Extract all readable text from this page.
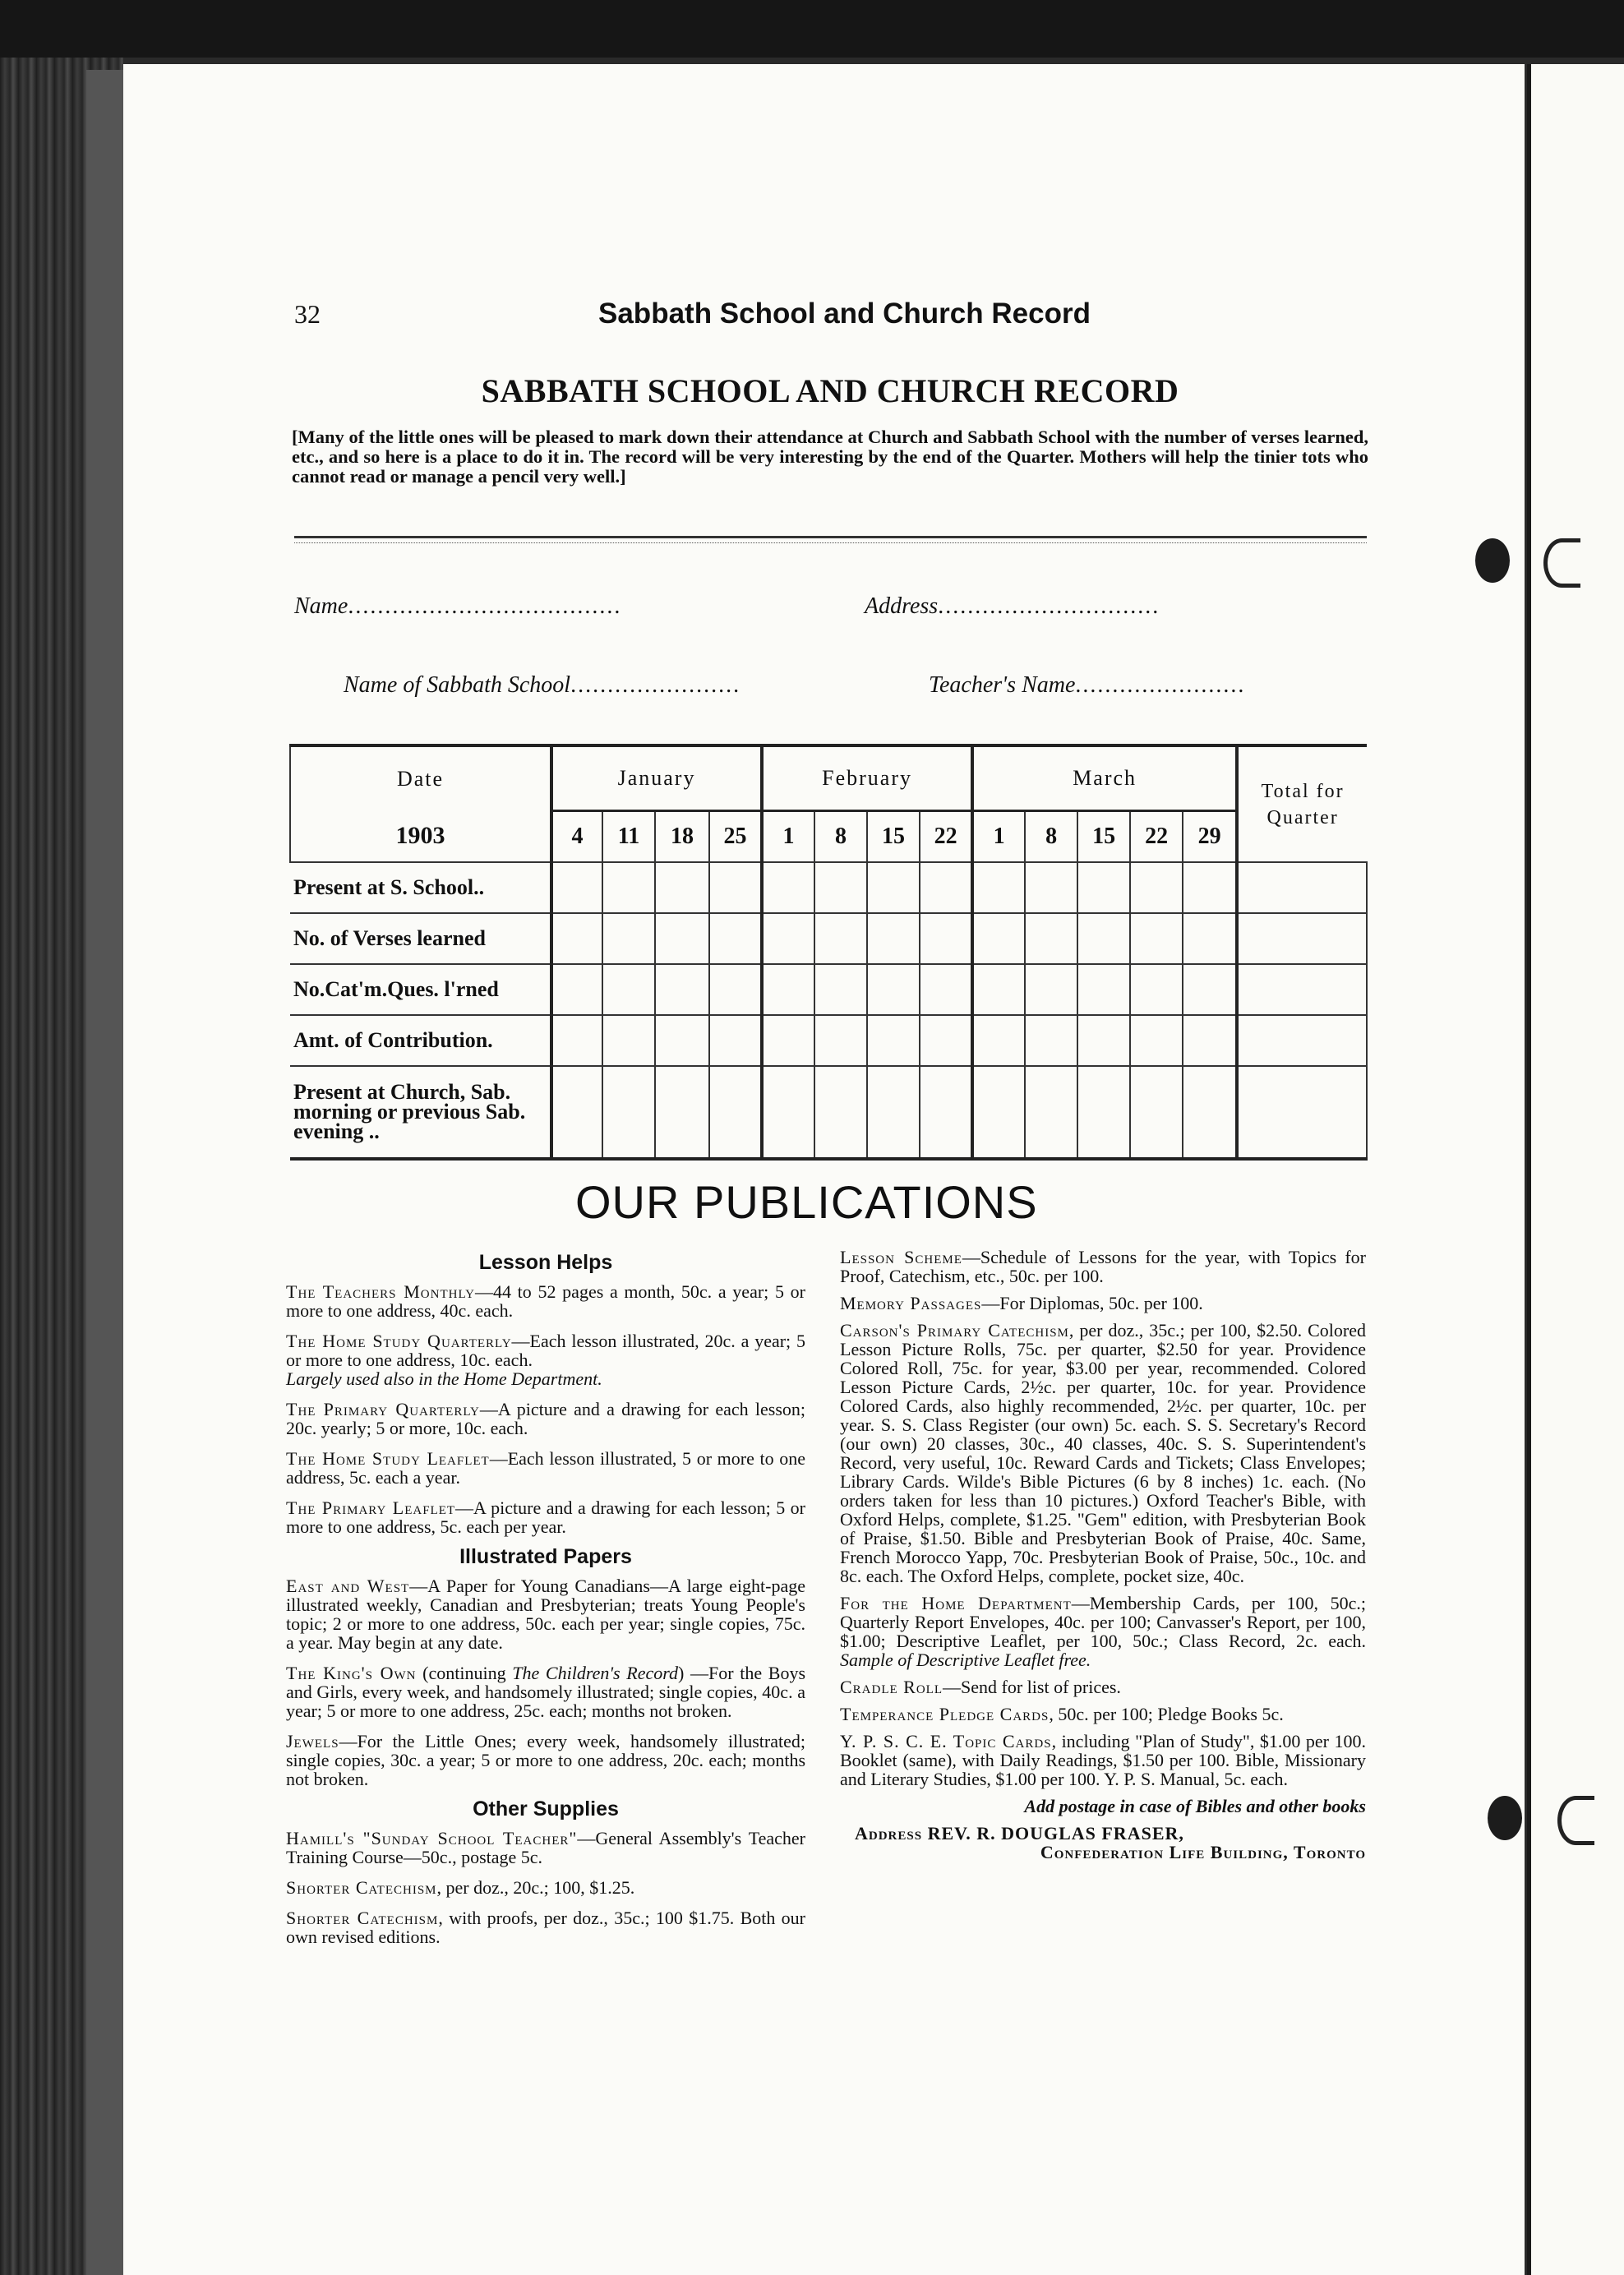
32	Sabbath School and Church Record
SABBATH SCHOOL AND CHURCH RECORD
[Many of the little ones will be pleased to mark down their attendance at Church and Sabbath School with the number of verses learned, etc., and so here is a place to do it in. The record will be very interesting by the end of the Quarter. Mothers will help the tinier tots who cannot read or manage a pencil very well.]
Name.....................................	Address..............................
Name of Sabbath School.......................	Teacher's Name.......................
Date	January				February				March					Total for Quarter
1903	4	11	18	25	1	8	15	22	1	8	15	22	29	
Present at S. School..														
No. of Verses learned														
No.Cat'm.Ques. l'rned														
Amt. of Contribution.														
Present at Church, Sab. morning or previous Sab. evening ..														
OUR PUBLICATIONS
Lesson Helps

The Teachers Monthly—44 to 52 pages a month, 50c. a year; 5 or more to one address, 40c. each.

The Home Study Quarterly—Each lesson illustrated, 20c. a year; 5 or more to one address, 10c. each.
Largely used also in the Home Department.

The Primary Quarterly—A picture and a drawing for each lesson; 20c. yearly; 5 or more, 10c. each.

The Home Study Leaflet—Each lesson illustrated, 5 or more to one address, 5c. each a year.

The Primary Leaflet—A picture and a drawing for each lesson; 5 or more to one address, 5c. each per year.

Illustrated Papers

East and West—A Paper for Young Canadians—A large eight-page illustrated weekly, Canadian and Presbyterian; treats Young People's topic; 2 or more to one address, 50c. each per year; single copies, 75c. a year. May begin at any date.

The King's Own (continuing The Children's Record) —For the Boys and Girls, every week, and handsomely illustrated; single copies, 40c. a year; 5 or more to one address, 25c. each; months not broken.

Jewels—For the Little Ones; every week, handsomely illustrated; single copies, 30c. a year; 5 or more to one address, 20c. each; months not broken.

Other Supplies

Hamill's "Sunday School Teacher"—General Assembly's Teacher Training Course—50c., postage 5c.

Shorter Catechism, per doz., 20c.; 100, $1.25.

Shorter Catechism, with proofs, per doz., 35c.; 100 $1.75. Both our own revised editions.

Lesson Scheme—Schedule of Lessons for the year, with Topics for Proof, Catechism, etc., 50c. per 100.

Memory Passages—For Diplomas, 50c. per 100.

Carson's Primary Catechism, per doz., 35c.; per 100, $2.50. Colored Lesson Picture Rolls, 75c. per quarter, $2.50 for year. Providence Colored Roll, 75c. for year, $3.00 per year, recommended. Colored Lesson Picture Cards, 2½c. per quarter, 10c. for year. Providence Colored Cards, also highly recommended, 2½c. per quarter, 10c. per year. S. S. Class Register (our own) 5c. each. S. S. Secretary's Record (our own) 20 classes, 30c., 40 classes, 40c. S. S. Superintendent's Record, very useful, 10c. Reward Cards and Tickets; Class Envelopes; Library Cards. Wilde's Bible Pictures (6 by 8 inches) 1c. each. (No orders taken for less than 10 pictures.) Oxford Teacher's Bible, with Oxford Helps, complete, $1.25. "Gem" edition, with Presbyterian Book of Praise, $1.50. Bible and Presbyterian Book of Praise, 40c. Same, French Morocco Yapp, 70c. Presbyterian Book of Praise, 50c., 10c. and 8c. each. The Oxford Helps, complete, pocket size, 40c.

For the Home Department—Membership Cards, per 100, 50c.; Quarterly Report Envelopes, 40c. per 100; Canvasser's Report, per 100, $1.00; Descriptive Leaflet, per 100, 50c.; Class Record, 2c. each. Sample of Descriptive Leaflet free.

Cradle Roll—Send for list of prices.

Temperance Pledge Cards, 50c. per 100; Pledge Books 5c.

Y. P. S. C. E. Topic Cards, including "Plan of Study", $1.00 per 100. Booklet (same), with Daily Readings, $1.50 per 100. Bible, Missionary and Literary Studies, $1.00 per 100. Y. P. S. Manual, 5c. each.

Add postage in case of Bibles and other books

Address REV. R. DOUGLAS FRASER,

Confederation Life Building, Toronto
